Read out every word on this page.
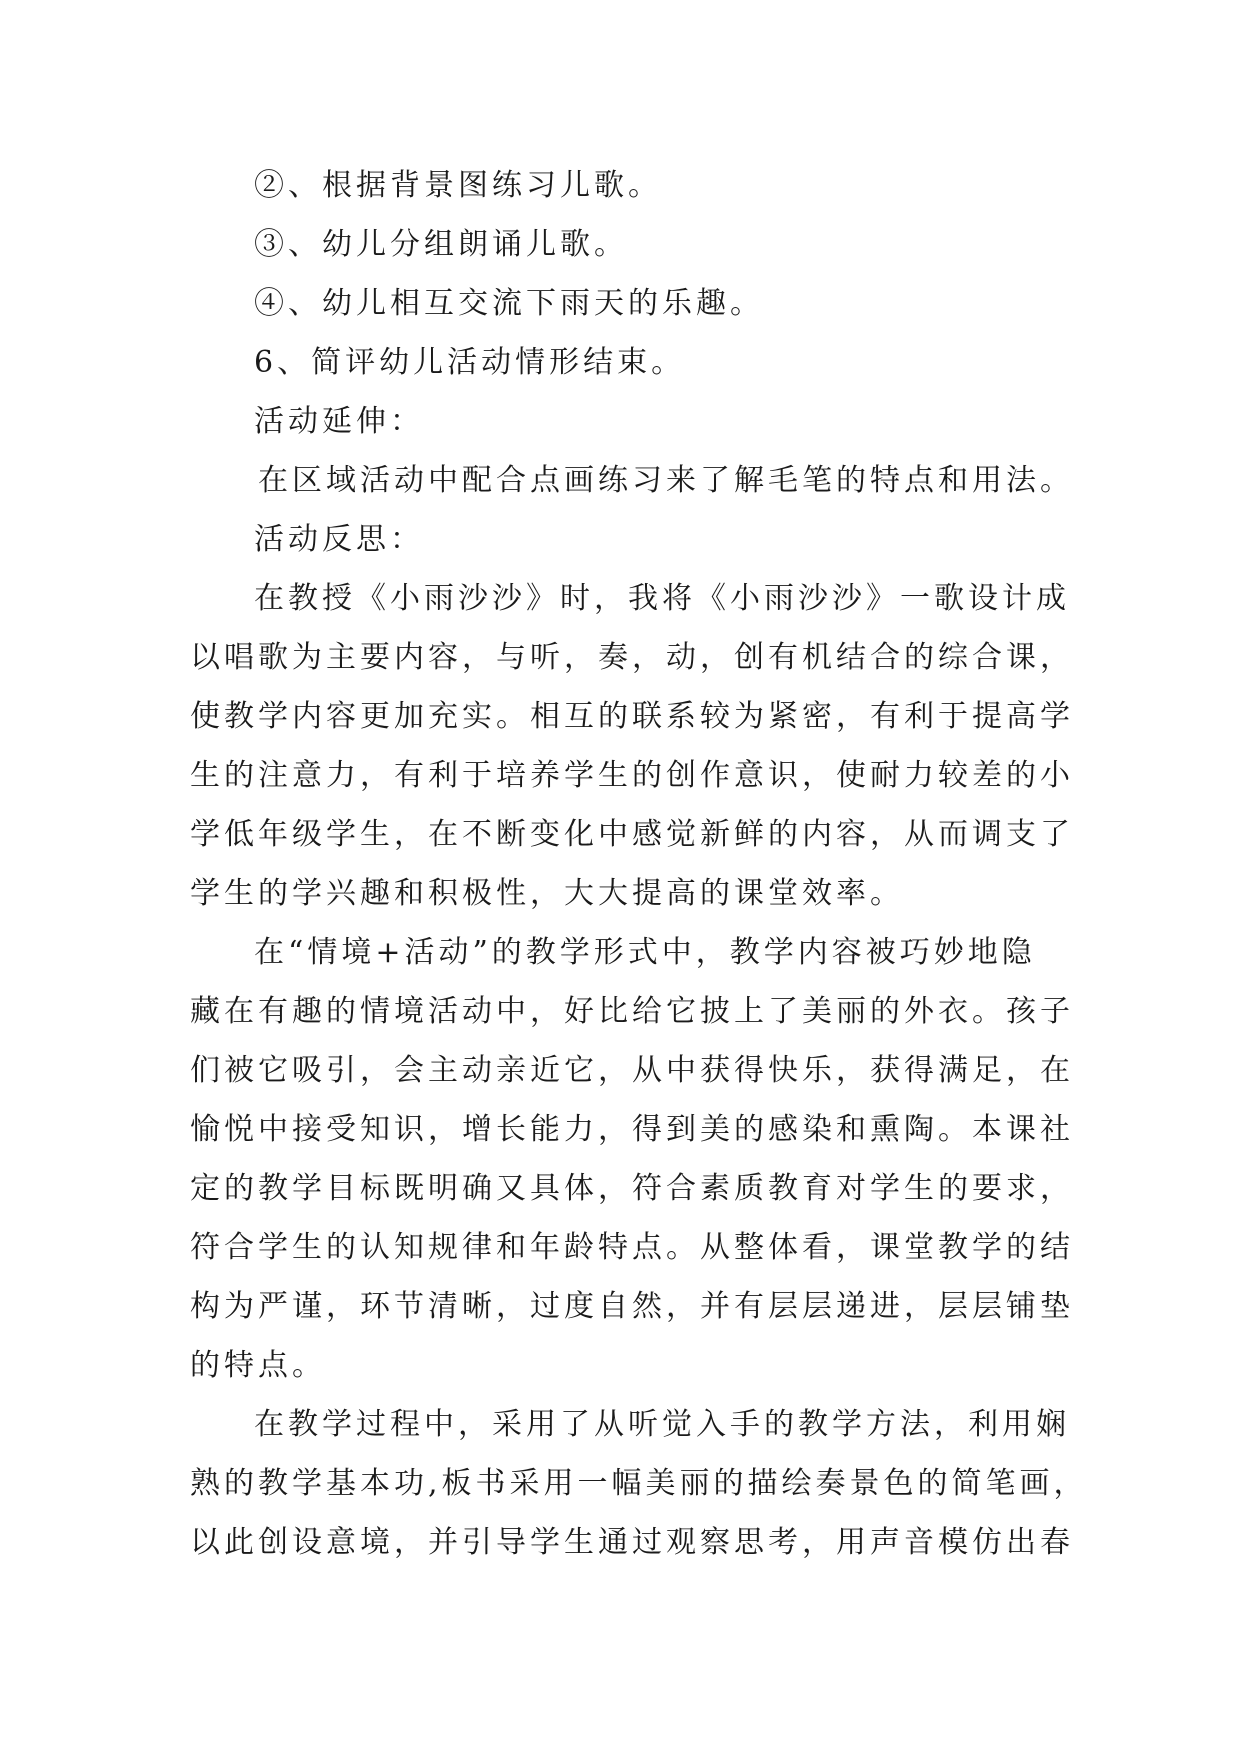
②、根据背景图练习儿歌。
③、幼儿分组朗诵儿歌。
④、幼儿相互交流下雨天的乐趣。
6、简评幼儿活动情形结束。
活动延伸：
在区域活动中配合点画练习来了解毛笔的特点和用法。
活动反思：
在教授《小雨沙沙》时，我将《小雨沙沙》一歌设计成
以唱歌为主要内容，与听，奏，动，创有机结合的综合课，
使教学内容更加充实。相互的联系较为紧密，有利于提高学
生的注意力，有利于培养学生的创作意识，使耐力较差的小
学低年级学生，在不断变化中感觉新鲜的内容，从而调支了
学生的学兴趣和积极性，大大提高的课堂效率。
在“情境+活动”的教学形式中，教学内容被巧妙地隐
藏在有趣的情境活动中，好比给它披上了美丽的外衣。孩子
们被它吸引，会主动亲近它，从中获得快乐，获得满足，在
愉悦中接受知识，增长能力，得到美的感染和熏陶。本课社
定的教学目标既明确又具体，符合素质教育对学生的要求，
符合学生的认知规律和年龄特点。从整体看，课堂教学的结
构为严谨，环节清晰，过度自然，并有层层递进，层层铺垫
的特点。
在教学过程中，采用了从听觉入手的教学方法，利用娴
熟的教学基本功,板书采用一幅美丽的描绘奏景色的简笔画，
以此创设意境，并引导学生通过观察思考，用声音模仿出春
